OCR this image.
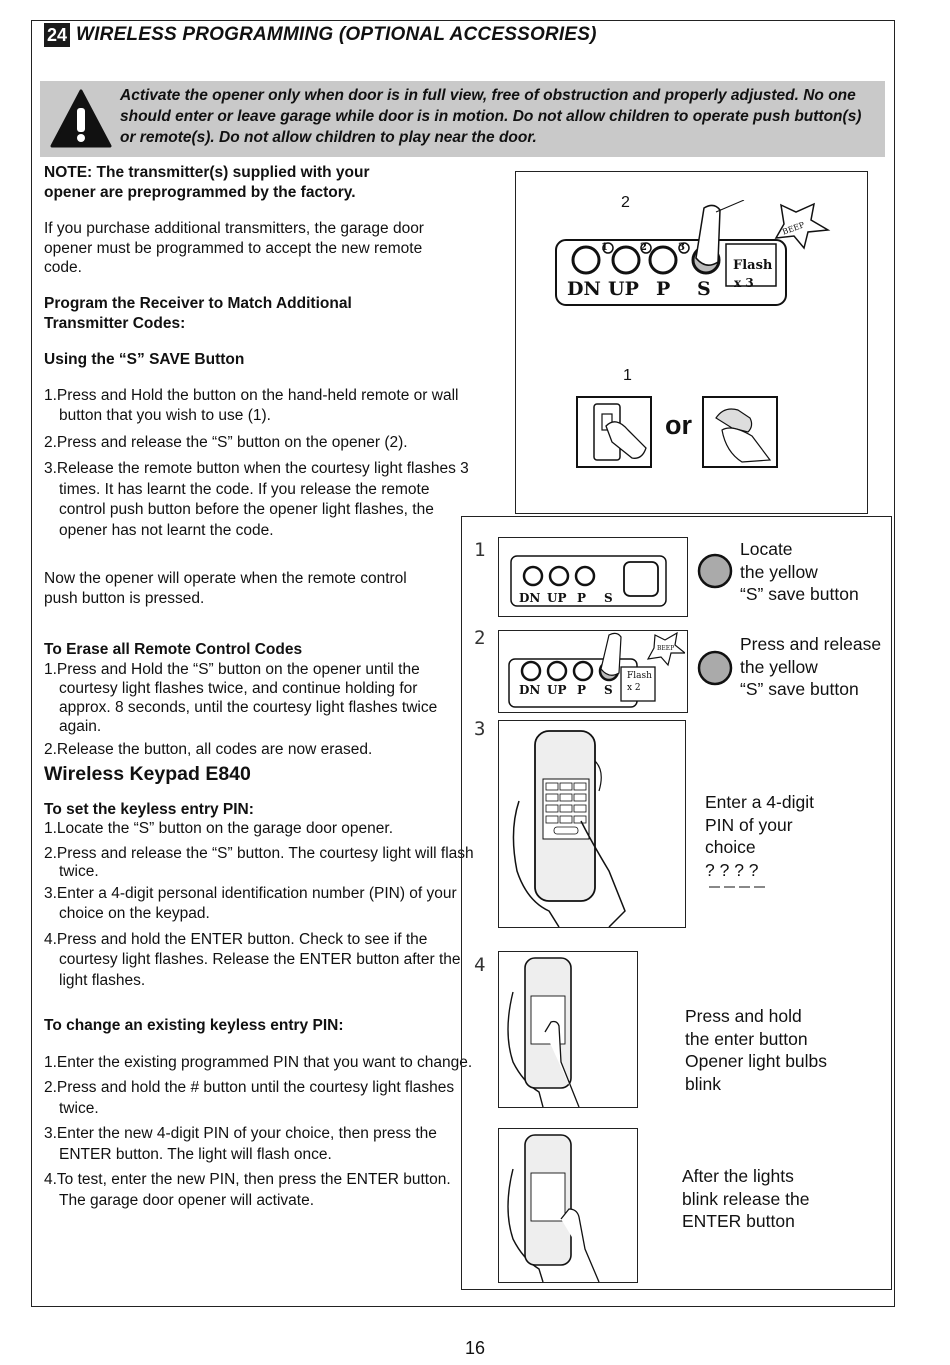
24 WIRELESS PROGRAMMING (OPTIONAL ACCESSORIES)
Activate the opener only when door is in full view, free of obstruction and properly adjusted. No one should enter or leave garage while door is in motion. Do not allow children to operate push button(s) or remote(s). Do not allow children to play near the door.
NOTE: The transmitter(s) supplied with your opener are preprogrammed by the factory.
If you purchase additional transmitters, the garage door opener must be programmed to accept the new remote code.
Program the Receiver to Match Additional Transmitter Codes:
Using the “S” SAVE Button
1.Press and Hold the button on the hand-held remote or wall button that you wish to use (1).
2.Press and release the “S” button on the opener (2).
3.Release the remote button when the courtesy light flashes 3 times. It has learnt the code. If you release the remote control push button before the opener light flashes, the opener has not learnt the code.
Now the opener will operate when the remote control push button is pressed.
To Erase all Remote Control Codes
1.Press and Hold the “S” button on the opener until the courtesy light flashes twice, and continue holding for approx. 8 seconds, until the courtesy light flashes twice again.
2.Release the button, all codes are now erased.
Wireless Keypad E840
To set the keyless entry PIN:
1.Locate the “S” button on the garage door opener.
2.Press and release the “S” button. The courtesy light will flash twice.
3.Enter a 4-digit personal identification number (PIN) of your choice on the keypad.
4.Press and hold the ENTER button. Check to see if the courtesy light flashes. Release the ENTER button after the light flashes.
To change an existing keyless entry PIN:
1.Enter the existing programmed PIN that you want to change.
2.Press and hold the # button until the courtesy light flashes twice.
3.Enter the new 4-digit PIN of your choice, then press the ENTER button. The light will flash once.
4.To test, enter the new PIN, then press the ENTER button. The garage door opener will activate.
2
1	2	3
DN UP P S
Flash
x 3
BEEP
1
or
1
2
3
4
DN UP P S
Locate
the yellow
“S” save button
Flash
x 2
BEEP
DN UP P S
Press and release
the yellow
“S” save button
Enter a 4-digit
PIN of your
choice
? ? ? ?
Press and hold
the enter button
Opener light bulbs
blink
After the lights
blink release the
ENTER button
16
